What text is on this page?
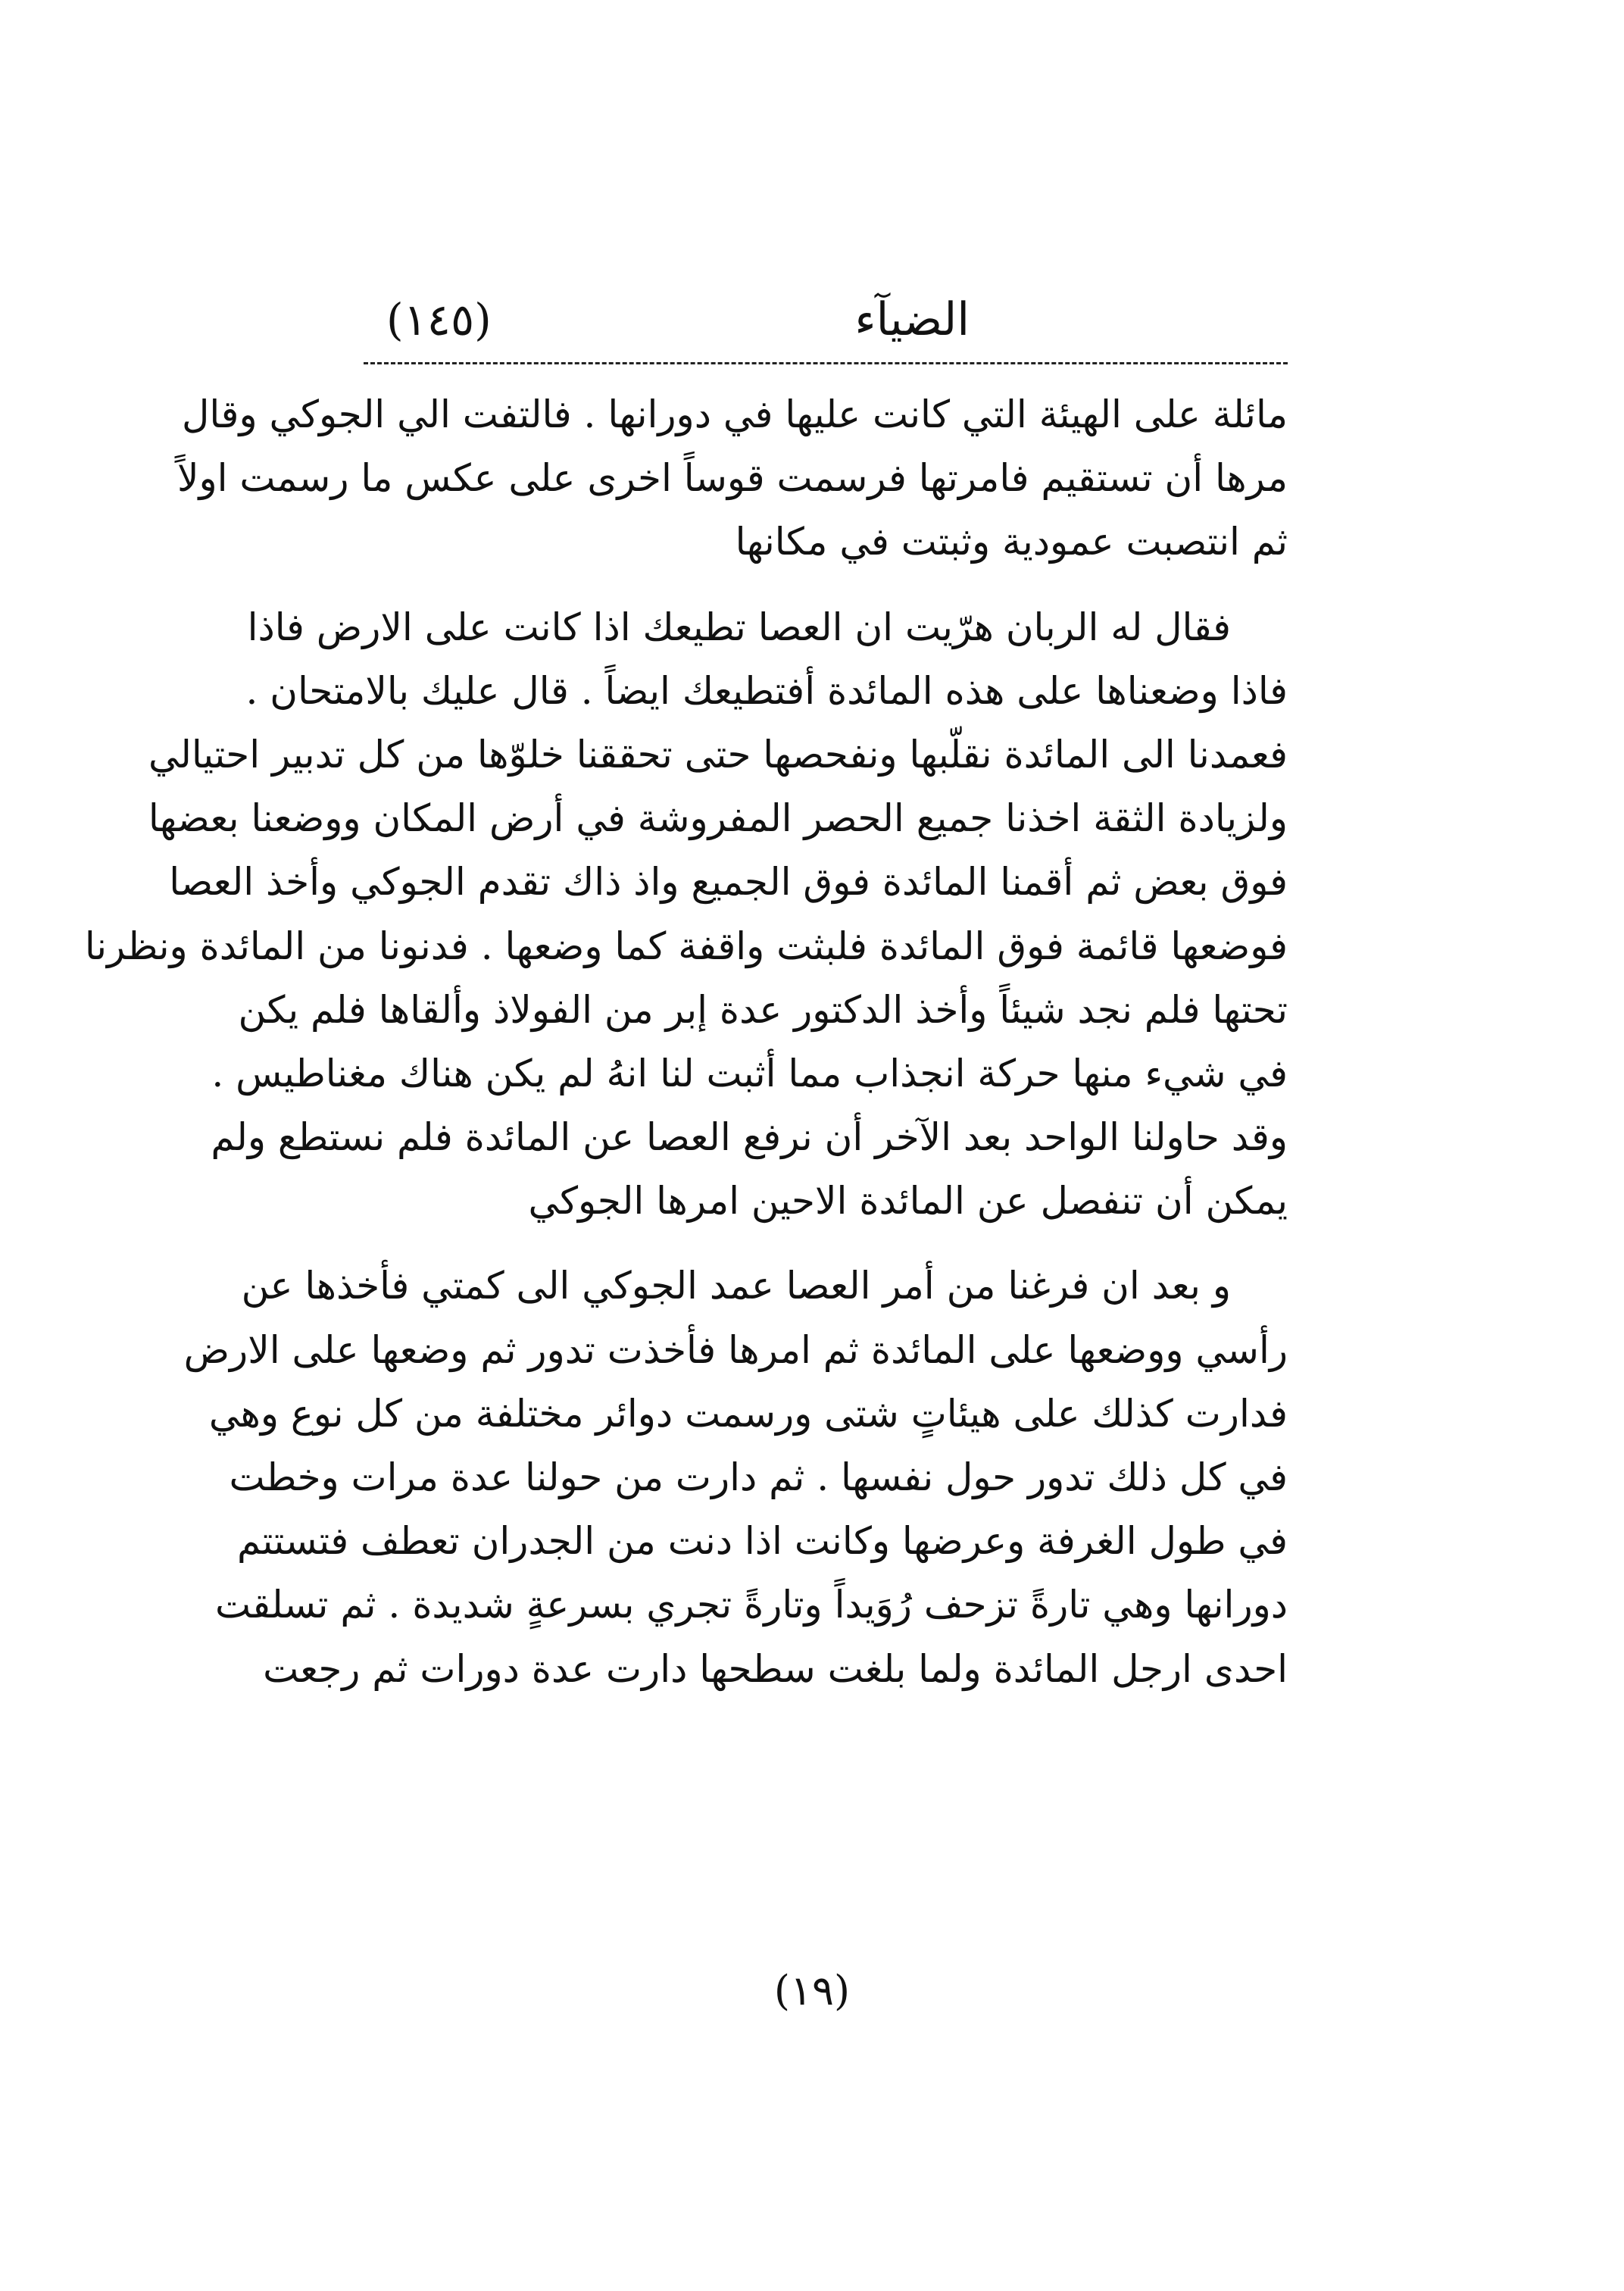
الضيآء
(١٤٥)
مائلة على الهيئة التي كانت عليها في دورانها . فالتفت الي الجوكي وقال
مرها أن تستقيم فامرتها فرسمت قوساً اخرى على عكس ما رسمت اولاً
ثم انتصبت عمودية وثبتت في مكانها
فقال له الربان هرّيت ان العصا تطيعك اذا كانت على الارض فاذا
فاذا وضعناها على هذه المائدة أفتطيعك ايضاً . قال عليك بالامتحان .
فعمدنا الى المائدة نقلّبها ونفحصها حتى تحققنا خلوّها من كل تدبير احتيالي
ولزيادة الثقة اخذنا جميع الحصر المفروشة في أرض المكان ووضعنا بعضها
فوق بعض ثم أقمنا المائدة فوق الجميع واذ ذاك تقدم الجوكي وأخذ العصا
فوضعها قائمة فوق المائدة فلبثت واقفة كما وضعها . فدنونا من المائدة ونظرنا
تحتها فلم نجد شيئاً وأخذ الدكتور عدة إبر من الفولاذ وألقاها فلم يكن
في شيء منها حركة انجذاب مما أثبت لنا انهُ لم يكن هناك مغناطيس .
وقد حاولنا الواحد بعد الآخر أن نرفع العصا عن المائدة فلم نستطع ولم
يمكن أن تنفصل عن المائدة الاحين امرها الجوكي
و بعد ان فرغنا من أمر العصا عمد الجوكي الى كمتي فأخذها عن
رأسي ووضعها على المائدة ثم امرها فأخذت تدور ثم وضعها على الارض
فدارت كذلك على هيئاتٍ شتى ورسمت دوائر مختلفة من كل نوع وهي
في كل ذلك تدور حول نفسها . ثم دارت من حولنا عدة مرات وخطت
في طول الغرفة وعرضها وكانت اذا دنت من الجدران تعطف فتستتم
دورانها وهي تارةً تزحف رُوَيداً وتارةً تجري بسرعةٍ شديدة . ثم تسلقت
احدى ارجل المائدة ولما بلغت سطحها دارت عدة دورات ثم رجعت
(١٩)
